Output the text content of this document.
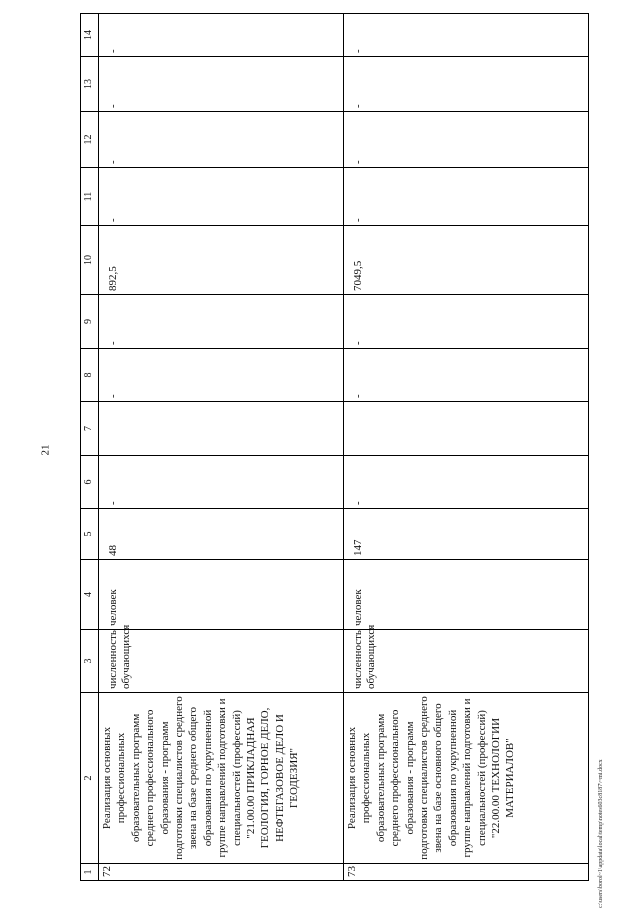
21
1	2	3	4	5	6	7	8	9	10	11	12	13	14
72	Реализация основных профессиональных образовательных программ среднего профессионального образования - программ подготовки специалистов среднего звена на базе среднего общего образования по укрупненной группе направлений подготовки и специальностей (профессий) "21.00.00 ПРИКЛАДНАЯ ГЕОЛОГИЯ, ГОРНОЕ ДЕЛО, НЕФТЕГАЗОВОЕ ДЕЛО И ГЕОДЕЗИЯ"	численность обучающихся	человек	48	-		-	-	892,5	-	-	-	-
73	Реализация основных профессиональных образовательных программ среднего профессионального образования - программ подготовки специалистов среднего звена на базе основного общего образования по укрупненной группе направлений подготовки и специальностей (профессий) "22.00.00 ТЕХНОЛОГИИ МАТЕРИАЛОВ"	численность обучающихся	человек	147	-		-	-	7049,5	-	-	-	-
c:\users\borol~1\appdata\local\temp\notes603c8187\~mi.docx
